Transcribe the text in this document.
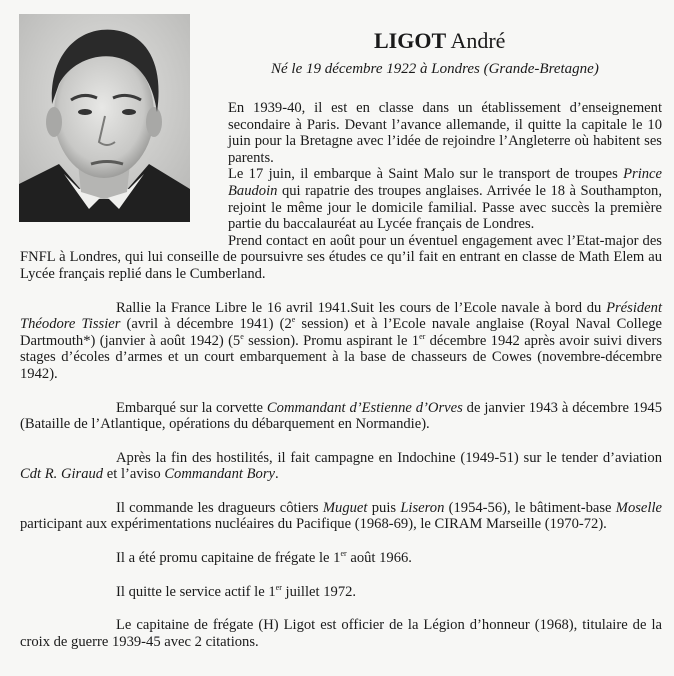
LIGOT André
Né le 19 décembre 1922 à Londres (Grande-Bretagne)

En 1939-40, il est en classe dans un établissement d’enseignement secondaire à Paris. Devant l’avance allemande, il quitte la capitale le 10 juin pour la Bretagne avec l’idée de rejoindre l’Angleterre où habitent ses parents.

Le 17 juin, il embarque à Saint Malo sur le transport de troupes Prince Baudoin qui rapatrie des troupes anglaises. Arrivée le 18 à Southampton, rejoint le même jour le domicile familial. Passe avec succès la première partie du baccalauréat au Lycée français de Londres.

Prend contact en août pour un éventuel engagement avec l’Etat-major des FNFL à Londres, qui lui conseille de poursuivre ses études ce qu’il fait en entrant en classe de Math Elem au Lycée français replié dans le Cumberland.

Rallie la France Libre le 16 avril 1941.Suit les cours de l’Ecole navale à bord du Président Théodore Tissier (avril à décembre 1941) (2e session) et à l’Ecole navale anglaise (Royal Naval College Dartmouth*) (janvier à août 1942) (5e session). Promu aspirant le 1er décembre 1942 après avoir suivi divers stages d’écoles d’armes et un court embarquement à la base de chasseurs de Cowes (novembre-décembre 1942).

Embarqué sur la corvette Commandant d’Estienne d’Orves de janvier 1943 à décembre 1945 (Bataille de l’Atlantique, opérations du débarquement en Normandie).

Après la fin des hostilités, il fait campagne en Indochine (1949-51) sur le tender d’aviation Cdt R. Giraud et l’aviso Commandant Bory.

Il commande les dragueurs côtiers Muguet puis Liseron (1954-56), le bâtiment-base Moselle participant aux expérimentations nucléaires du Pacifique (1968-69), le CIRAM Marseille (1970-72).

Il a été promu capitaine de frégate le 1er août 1966.

Il quitte le service actif le 1er juillet 1972.

Le capitaine de frégate (H) Ligot est officier de la Légion d’honneur (1968), titulaire de la croix de guerre 1939-45 avec 2 citations.
